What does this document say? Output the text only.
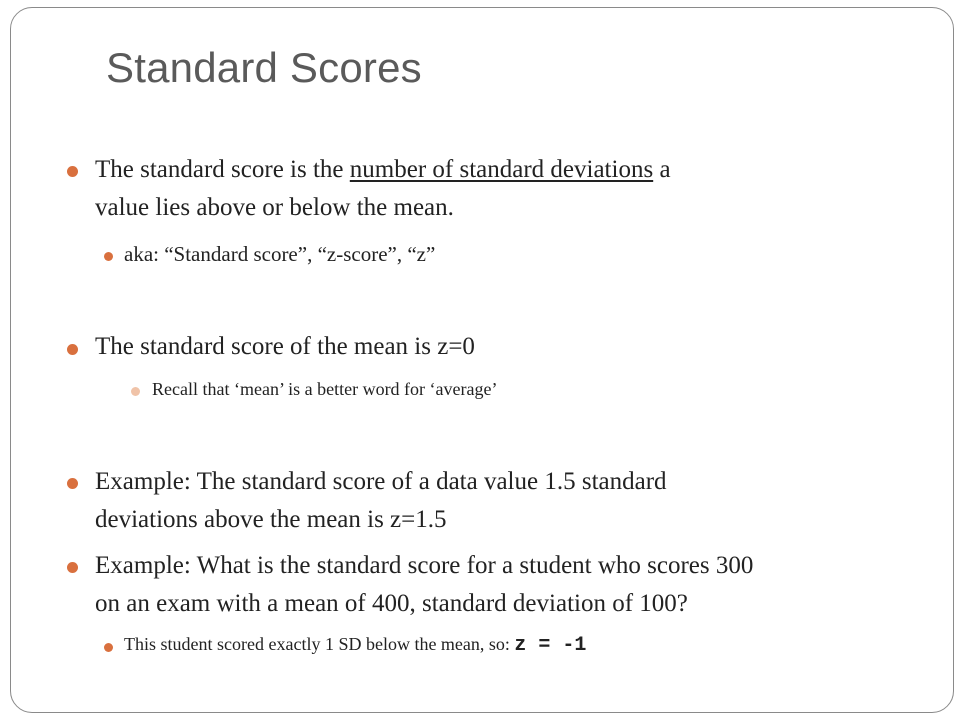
Standard Scores
The standard score is the number of standard deviations a
value lies above or below the mean.
aka: “Standard score”, “z-score”, “z”
The standard score of the mean is z=0
Recall that ‘mean’ is a better word for ‘average’
Example: The standard score of a data value 1.5 standard
deviations above the mean is z=1.5
Example: What is the standard score for a student who scores 300
on an exam with a mean of 400, standard deviation of 100?
This student scored exactly 1 SD below the mean, so: z = -1
